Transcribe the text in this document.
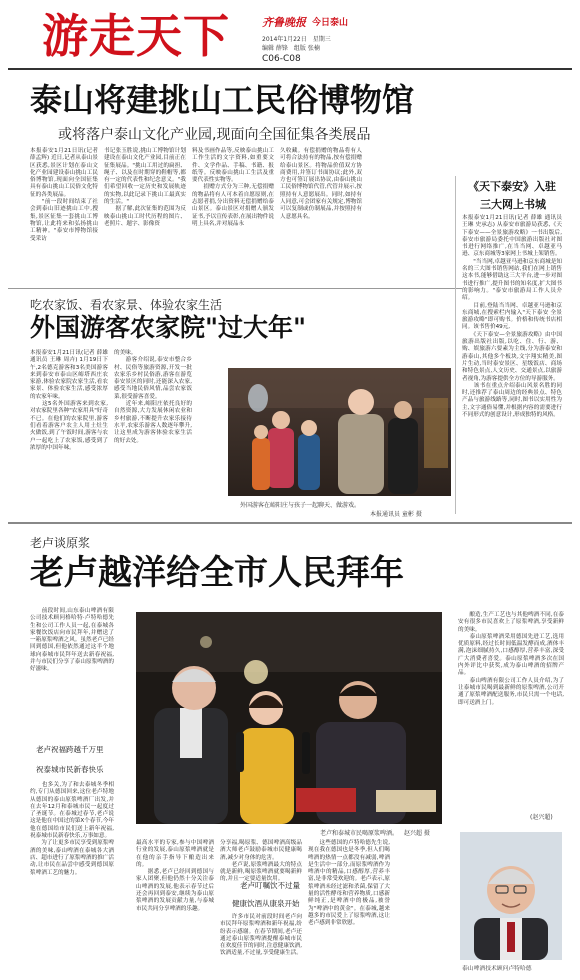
游走天下	齐鲁晚报 今日泰山
2014年1月22日　星期三
编辑 薛锋　组版 张楠
C06-C08
泰山将建挑山工民俗博物馆
或将落户泰山文化产业园,现面向全国征集各类展品
本报泰安1月21日讯(记者 薛孟辉) 近日,记者从泰山景区获悉,景区计划在泰山文化产业园建设泰山挑山工民俗博物馆,现面向全国征集具有泰山挑山工民俗文化特征的各类展品。
　　"前一段时间结束了社会到泰山旧迹挑山工中,搜集,景区征集一套挑山工博物馆,让此将来和弘扬挑山工精神。"泰安市博物馆接受采访
书记张玉胜说,挑山工博物馆计划建设在泰山文化产业园,目前正在征集展品。"挑山工用过的扁担、绳子、以及在时期穿的鞋帽等,都有一定的代表性和纪念意义。"我们希望回收一定历史和发展轨迹的实物,以此记录下挑山工最真实的生活。"
　　据了解,此次征集的范围为反映泰山挑山工时代历程的图片、老照片、题字、影像资
料及书画作品等,反映泰山挑山工工作生活的文字资料,如重要文件、文学作品、手稿、书籍、报纸等。反映泰山挑山工生活及重要代表性实物等。
　　捐赠方式分为三种,无偿捐赠的物品将有人可本着自愿原则,在志愿者捐,分出资料无偿捐赠给泰山景区。泰山景区对捐赠人颁发证书,予以宣传表彰,在展出物件说明上具名,并对展品永
久收藏。有偿捐赠的物品将有人可将合法持有的物品,按有偿捐赠给泰山景区。将物品价值双方协商费用,并签订书面协议;此外,双方也可签订展出协议,由泰山挑山工民俗博物馆代管,代管并展示,按照持有人意愿展出。同时,如持有人同意,可会团家有关规定,博物馆可以复制或仿制展品,并按照持有人意愿具名。
《天下泰安》入驻
三大网上书城
本报泰安1月21日讯(记者 薛雄 通讯员 王琳 史承志) 从泰安市旅游局获悉,《天下泰安——全景旅游攻略》一书出版后,泰安市旅游局委托中国旅游出版社对图书进行网络推广,在当当网、卓越亚马逊、京东商城等3家网上书城上架销售。
　　"当当网,卓越亚马逊和京东商城是知名的三大图书销售网站,我们在网上销售这本书,能够借助这三大平台,进一步对图书进行推广,提升图书的知名度,扩大图书的影响力。"泰安市旅游局工作人员介绍。
　　目前,登陆当当网、卓越亚马逊和京东商城,在搜索栏内输入"天下泰安 全景旅游攻略"即可购书。价格和传统书店相同。该书售价49元,
　　《天下泰安—全景旅游攻略》由中国旅游出版社出版,以吃、住、行、游、购、娱旅游六要素为主线,分为游泰安和游泰山,其他多个板块,文字翔实精美,图片生动,当时泰安景区、星级饭店、商场和特色景点,人文历史、交通景点,以旅游者视角,为游客提供全方位的导游服务。
　　该书在重点介绍泰山风景名胜的同时,还推荐了泰山周边的经典景点、特色产品与旅游线路等,同时,图书以实用性为主,文字通俗易懂,并根据内容的需要进行不同形式的创意设计,形成独特的风格。
吃农家饭、看农家景、体验农家生活
外国游客农家院"过大年"
本报泰安1月21日讯(记者 薛雄 通讯员 王琳 周卉) 1月19日下午,2名德克游客和3名美国游客来到泰安市泰山区峪塔西庄农家游,体验农家院农家生活,看农家景、体验农家生活,感受浓厚的农家年味。
　　这5名外国游客来到农家,对农家院里各种"农家用具"好奇不已。在他们的农家院里,游客们看着游客户农主人用土灶生火做饭,到了午饭时间,游客与农户一起吃上了农家饭,感受到了浓厚的中国年味。
的美味。
　　游客介绍说,泰安市整合乡村、民俗等旅游资源,开发一批农家乐乡村民俗游,游客在游览泰安景区的同时,还能深入农家,感受当地民俗风情,品尝农家饭菜,很受游客喜爱。
　　近年来,峪阳庄依托良好的自然资源,大力发展休闲农业和乡村旅游,不断提升农家乐接待水平,农家乐游客人数逐年攀升,让这里成为游客体验农家生活的好去处。
外国游客在峪阳庄与孩子一起聊天、做游戏。
本报通讯员 童彬 摄
老卢谈原浆
老卢越洋给全市人民拜年
　　前段时间,山东泰山啤酒有限公司技术顾问格哈特·卢特哈德先生和公司工作人员一起,在泰城各家餐饮饭店向市民拜年,并赠送了一箱原浆啤酒之风。虽然老卢已经回到德国,但他依然通过这半个地球向泰城市民拜年送去新春祝福,并与市民们分享了泰山原浆啤酒的好滋味。
老卢祝福跨越千万里
祝泰城市民新春快乐
　　也多关,为了和去泰城冬季相约,专门从德国回来,这位老卢特地从德国的泰山原浆啤酒厂出发,并在去年12月和泰城市民一起度过了圣诞节。在泰城过春节,老卢说这是他在中国过的第X个春节,今年他在德国给市民们送上新年祝福,祝泰城市民新春快乐,万事如意。
　　为了让更多市民享受到原浆啤酒的美味,泰山啤酒在泰城各大酒店、超市进行了原浆啤酒的推广活动,让市民在品尝中感受到德国原浆啤酒工艺的魅力。
老卢和泰城市民喝原浆啤酒。 赵兴超 摄
最高水平的专家,参与中国啤酒行业的发展,泰山原浆啤酒就是在他的亲手指导下酿造出来的。
　　据悉,老卢已经回到德国与家人团聚,但他仍然十分关注泰山啤酒的发展,他表示春节过后还会再回到泰安,继续为泰山原浆啤酒的发展贡献力量,与泰城市民共同分享啤酒的乐趣。
分享福,喝原浆、德国啤酒高级品酒大师老卢鼓励泰城市民健康喝酒,减少对身体的危害。
　　老卢说,原浆啤酒最大的特点就是新鲜,喝原浆啤酒就要喝新鲜的,并且一定要适量饮用。
老卢叮嘱饮不过量
健康饮酒从康泉开始
　　许多市民对前段时间老卢向市民拜年原浆啤酒和新年祝福,纷纷表示感谢。在春节期间,老卢还通过泰山原浆啤酒提醒泰城市民在欢度佳节的同时,注意健康饮酒,饮酒适量,不过量,享受健康生活。
　　这些德国的卢特哈德先生说,现在我在德国也是冬季,但人们喝啤酒的热情一点都没有减弱,啤酒是生活中一部分,而原浆啤酒作为啤酒中的精品,口感醇厚,营养丰富,是非常受欢迎的。老卢表示,原浆啤酒未经过滤和杀菌,保留了大量的活性酵母和营养物质,口感新鲜纯正,是啤酒中的极品,被誉为"啤酒中的黄金"。在泰城,越来越多的市民爱上了原浆啤酒,这让老卢感到非常欣慰。
　　酿造,生产工艺也与其他啤酒不同,在泰安有很多市民喜欢上了原浆啤酒,享受新鲜的美味。
　　泰山原浆啤酒采用德国先进工艺,选用优质原料,经过长时间低温发酵而成,酒体丰满,泡沫细腻持久,口感醇厚,营养丰富,深受广大消费者喜爱。泰山原浆啤酒多次在国内外评比中获奖,成为泰山啤酒的招牌产品。
　　泰山啤酒有限公司工作人员介绍,为了让泰城市民喝到最新鲜的原浆啤酒,公司开通了原浆啤酒配送服务,市民只需一个电话,即可送酒上门。
(赵兴超)
泰山啤酒技术顾问卢特哈德
